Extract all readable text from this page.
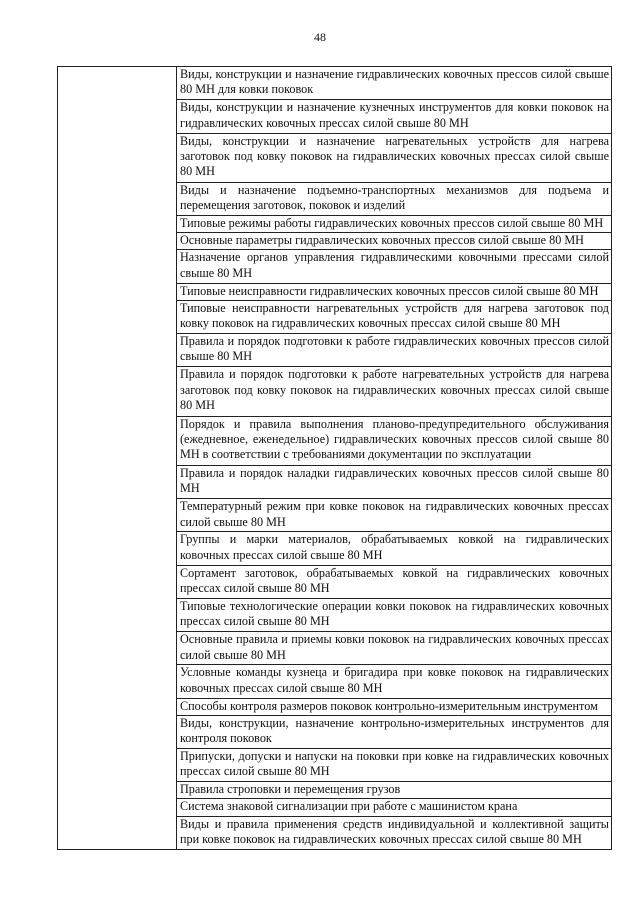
48

Виды, конструкции и назначение гидравлических ковочных прессов силой свыше 80 МН для ковки поковок

Виды, конструкции и назначение кузнечных инструментов для ковки поковок на гидравлических ковочных прессах силой свыше 80 МН

Виды, конструкции и назначение нагревательных устройств для нагрева заготовок под ковку поковок на гидравлических ковочных прессах силой свыше 80 МН

Виды и назначение подъемно-транспортных механизмов для подъема и перемещения заготовок, поковок и изделий

Типовые режимы работы гидравлических ковочных прессов силой свыше 80 МН

Основные параметры гидравлических ковочных прессов силой свыше 80 МН

Назначение органов управления гидравлическими ковочными прессами силой свыше 80 МН

Типовые неисправности гидравлических ковочных прессов силой свыше 80 МН

Типовые неисправности нагревательных устройств для нагрева заготовок под ковку поковок на гидравлических ковочных прессах силой свыше 80 МН

Правила и порядок подготовки к работе гидравлических ковочных прессов силой свыше 80 МН

Правила и порядок подготовки к работе нагревательных устройств для нагрева заготовок под ковку поковок на гидравлических ковочных прессах силой свыше 80 МН

Порядок и правила выполнения планово-предупредительного обслуживания (ежедневное, еженедельное) гидравлических ковочных прессов силой свыше 80 МН в соответствии с требованиями документации по эксплуатации

Правила и порядок наладки гидравлических ковочных прессов силой свыше 80 МН

Температурный режим при ковке поковок на гидравлических ковочных прессах силой свыше 80 МН

Группы и марки материалов, обрабатываемых ковкой на гидравлических ковочных прессах силой свыше 80 МН

Сортамент заготовок, обрабатываемых ковкой на гидравлических ковочных прессах силой свыше 80 МН

Типовые технологические операции ковки поковок на гидравлических ковочных прессах силой свыше 80 МН

Основные правила и приемы ковки поковок на гидравлических ковочных прессах силой свыше 80 МН

Условные команды кузнеца и бригадира при ковке поковок на гидравлических ковочных прессах силой свыше 80 МН

Способы контроля размеров поковок контрольно-измерительным инструментом

Виды, конструкции, назначение контрольно-измерительных инструментов для контроля поковок

Припуски, допуски и напуски на поковки при ковке на гидравлических ковочных прессах силой свыше 80 МН

Правила строповки и перемещения грузов

Система знаковой сигнализации при работе с машинистом крана

Виды и правила применения средств индивидуальной и коллективной защиты при ковке поковок на гидравлических ковочных прессах силой свыше 80 МН
